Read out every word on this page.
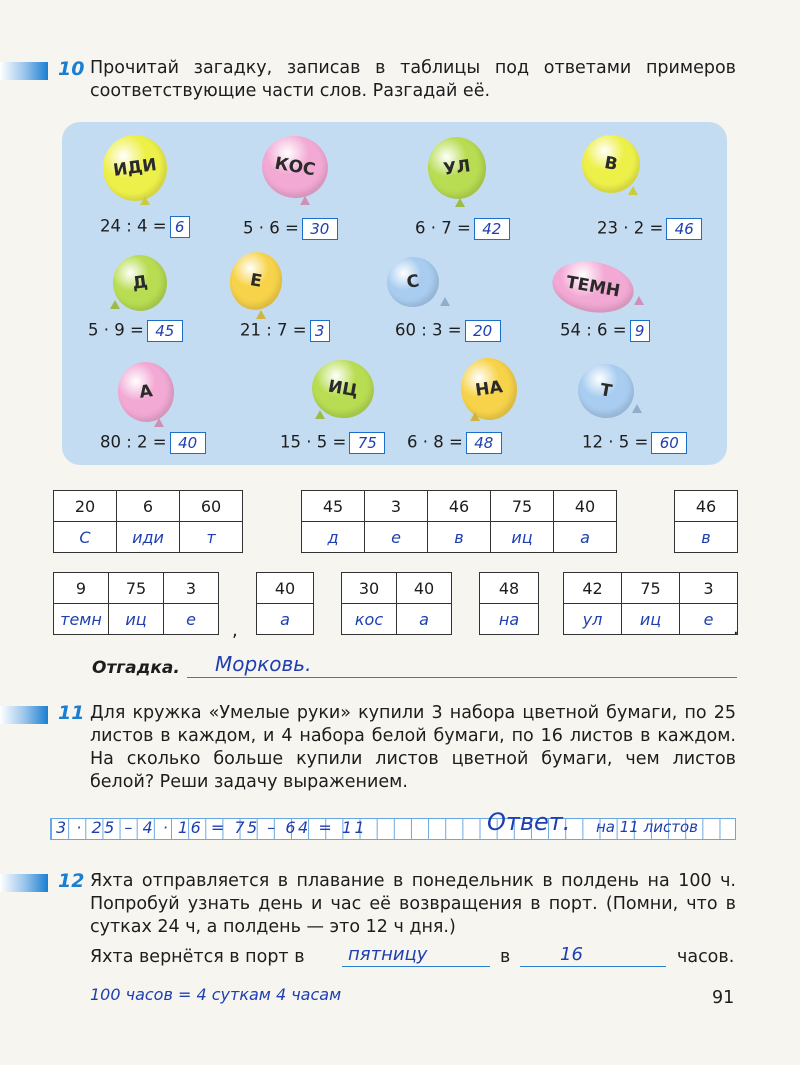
10 Прочитай загадку, записав в таблицы под ответами примеров соответствующие части слов. Разгадай её.
ИДИ
24 : 4 = 6
КОС
5 · 6 = 30
УЛ
6 · 7 = 42
В
23 · 2 = 46
Д
5 · 9 = 45
Е
21 : 7 = 3
С
60 : 3 = 20
ТЕМН
54 : 6 = 9
А
80 : 2 = 40
ИЦ
15 · 5 = 75
НА
6 · 8 = 48
Т
12 · 5 = 60
20	6	60
С	иди	т
45	3	46	75	40
д	е	в	иц	а
46
в
9	75	3
темн	иц	е
40
а
30	40
кос	а
48
на
42	75	3
ул	иц	е
,	.
Отгадка. Морковь.
11 Для кружка «Умелые руки» купили 3 набора цветной бумаги, по 25 листов в каждом, и 4 набора белой бумаги, по 16 листов в каждом. На сколько больше купили листов цветной бумаги, чем листов белой? Реши задачу выражением.
3 · 25 – 4 · 16 = 75 – 64 = 11	Ответ. на 11 листов
12 Яхта отправляется в плавание в понедельник в полдень на 100 ч. Попробуй узнать день и час её возвращения в порт. (Помни, что в сутках 24 ч, а полдень — это 12 ч дня.)
Яхта вернётся в порт в пятницу	в	16	часов.
100 часов = 4 суткам 4 часам	91
